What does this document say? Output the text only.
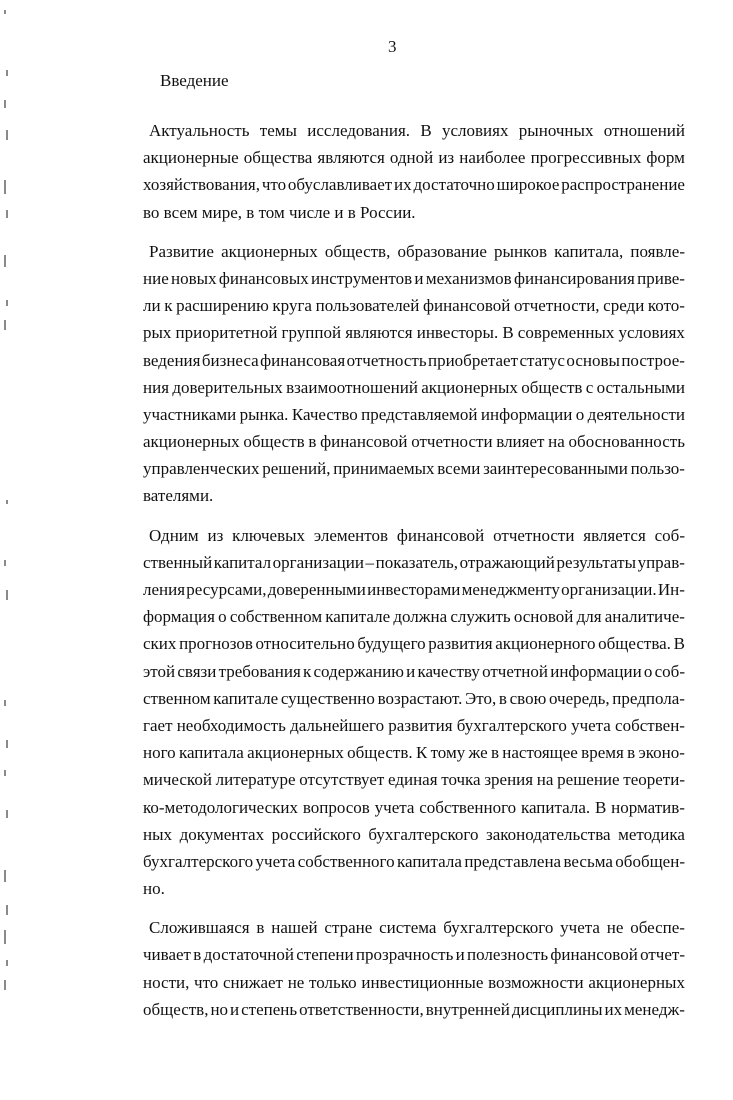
3
Введение
Актуальность темы исследования. В условиях рыночных отношений
акционерные общества являются одной из наиболее прогрессивных форм
хозяйствования, что обуславливает их достаточно широкое распространение
во всем мире, в том числе и в России.
Развитие акционерных обществ, образование рынков капитала, появле-
ние новых финансовых инструментов и механизмов финансирования приве-
ли к расширению круга пользователей финансовой отчетности, среди кото-
рых приоритетной группой являются инвесторы. В современных условиях
ведения бизнеса финансовая отчетность приобретает статус основы построе-
ния доверительных взаимоотношений акционерных обществ с остальными
участниками рынка. Качество представляемой информации о деятельности
акционерных обществ в финансовой отчетности влияет на обоснованность
управленческих решений, принимаемых всеми заинтересованными пользо-
вателями.
Одним из ключевых элементов финансовой отчетности является соб-
ственный капитал организации – показатель, отражающий результаты управ-
ления ресурсами, доверенными инвесторами менеджменту организации. Ин-
формация о собственном капитале должна служить основой для аналитиче-
ских прогнозов относительно будущего развития акционерного общества. В
этой связи требования к содержанию и качеству отчетной информации о соб-
ственном капитале существенно возрастают. Это, в свою очередь, предпола-
гает необходимость дальнейшего развития бухгалтерского учета собствен-
ного капитала акционерных обществ. К тому же в настоящее время в эконо-
мической литературе отсутствует единая точка зрения на решение теорети-
ко-методологических вопросов учета собственного капитала. В норматив-
ных документах российского бухгалтерского законодательства методика
бухгалтерского учета собственного капитала представлена весьма обобщен-
но.
Сложившаяся в нашей стране система бухгалтерского учета не обеспе-
чивает в достаточной степени прозрачность и полезность финансовой отчет-
ности, что снижает не только инвестиционные возможности акционерных
обществ, но и степень ответственности, внутренней дисциплины их менедж-
